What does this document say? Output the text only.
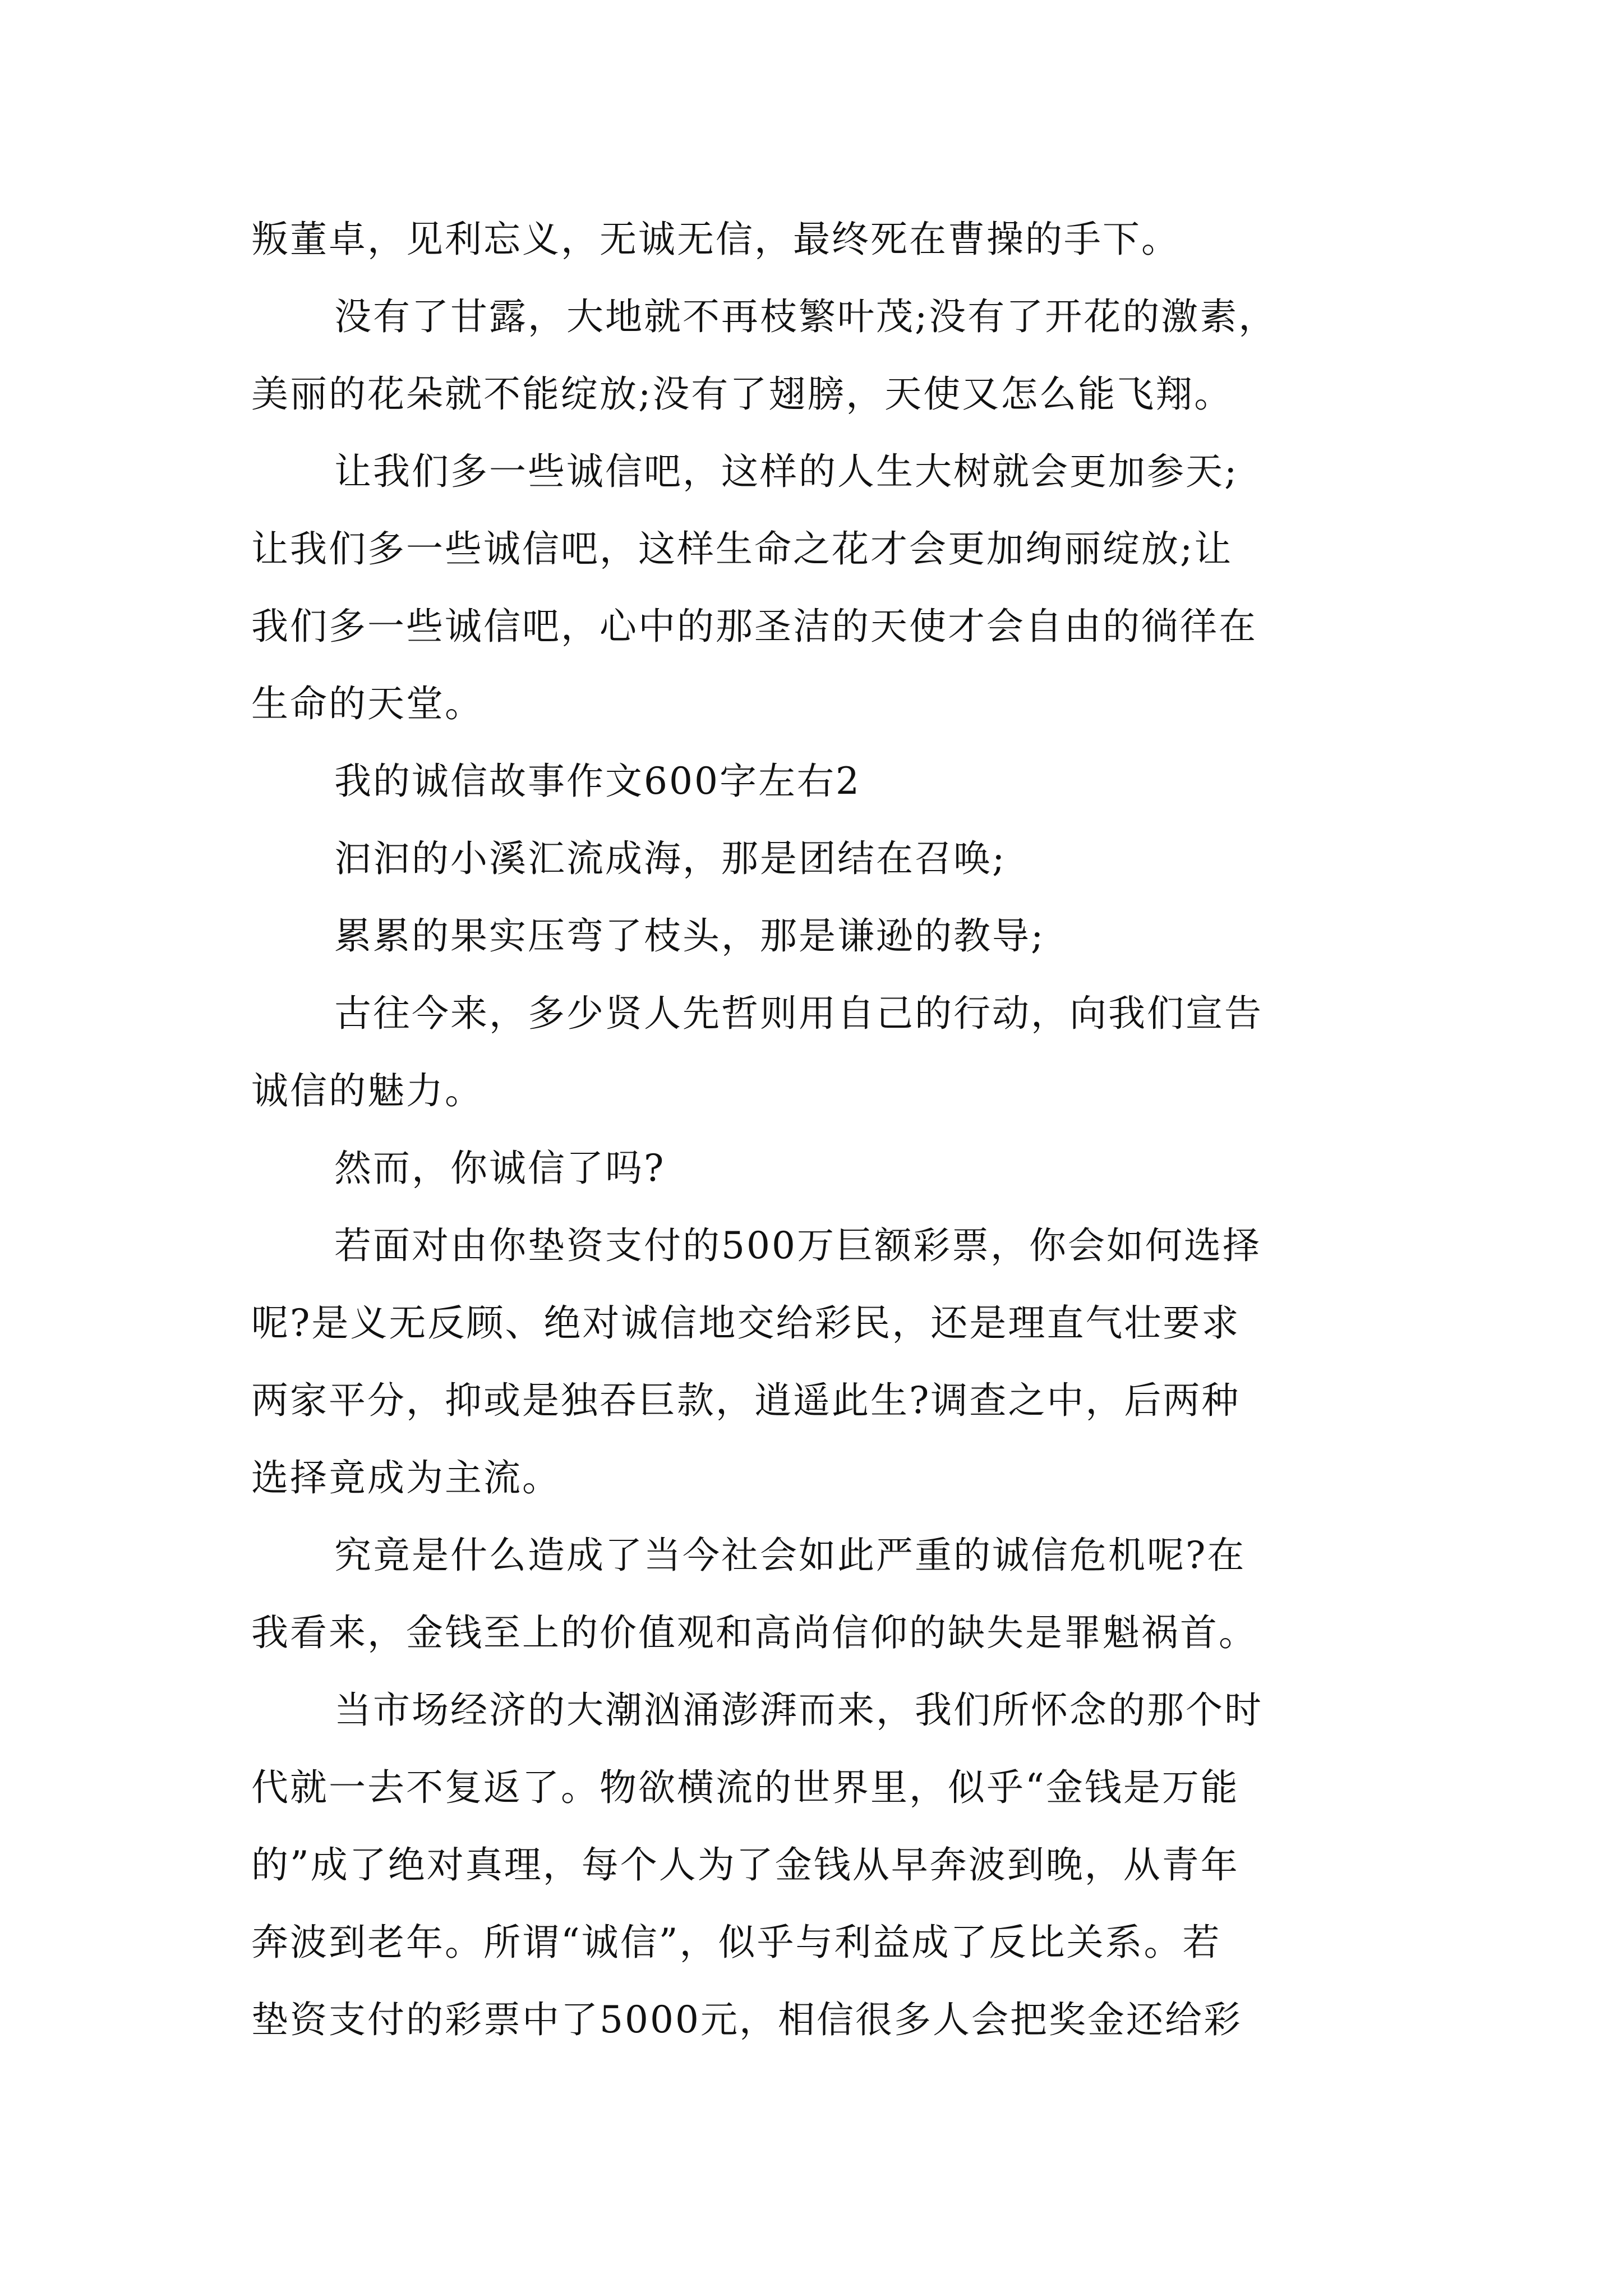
叛董卓，见利忘义，无诚无信，最终死在曹操的手下。
没有了甘露，大地就不再枝繁叶茂;没有了开花的激素，
美丽的花朵就不能绽放;没有了翅膀，天使又怎么能飞翔。
让我们多一些诚信吧，这样的人生大树就会更加参天;
让我们多一些诚信吧，这样生命之花才会更加绚丽绽放;让
我们多一些诚信吧，心中的那圣洁的天使才会自由的徜徉在
生命的天堂。
我的诚信故事作文600字左右2
汩汩的小溪汇流成海，那是团结在召唤;
累累的果实压弯了枝头，那是谦逊的教导;
古往今来，多少贤人先哲则用自己的行动，向我们宣告
诚信的魅力。
然而，你诚信了吗?
若面对由你垫资支付的500万巨额彩票，你会如何选择
呢?是义无反顾、绝对诚信地交给彩民，还是理直气壮要求
两家平分，抑或是独吞巨款，逍遥此生?调查之中，后两种
选择竟成为主流。
究竟是什么造成了当今社会如此严重的诚信危机呢?在
我看来，金钱至上的价值观和高尚信仰的缺失是罪魁祸首。
当市场经济的大潮汹涌澎湃而来，我们所怀念的那个时
代就一去不复返了。物欲横流的世界里，似乎“金钱是万能
的”成了绝对真理，每个人为了金钱从早奔波到晚，从青年
奔波到老年。所谓“诚信”，似乎与利益成了反比关系。若
垫资支付的彩票中了5000元，相信很多人会把奖金还给彩
